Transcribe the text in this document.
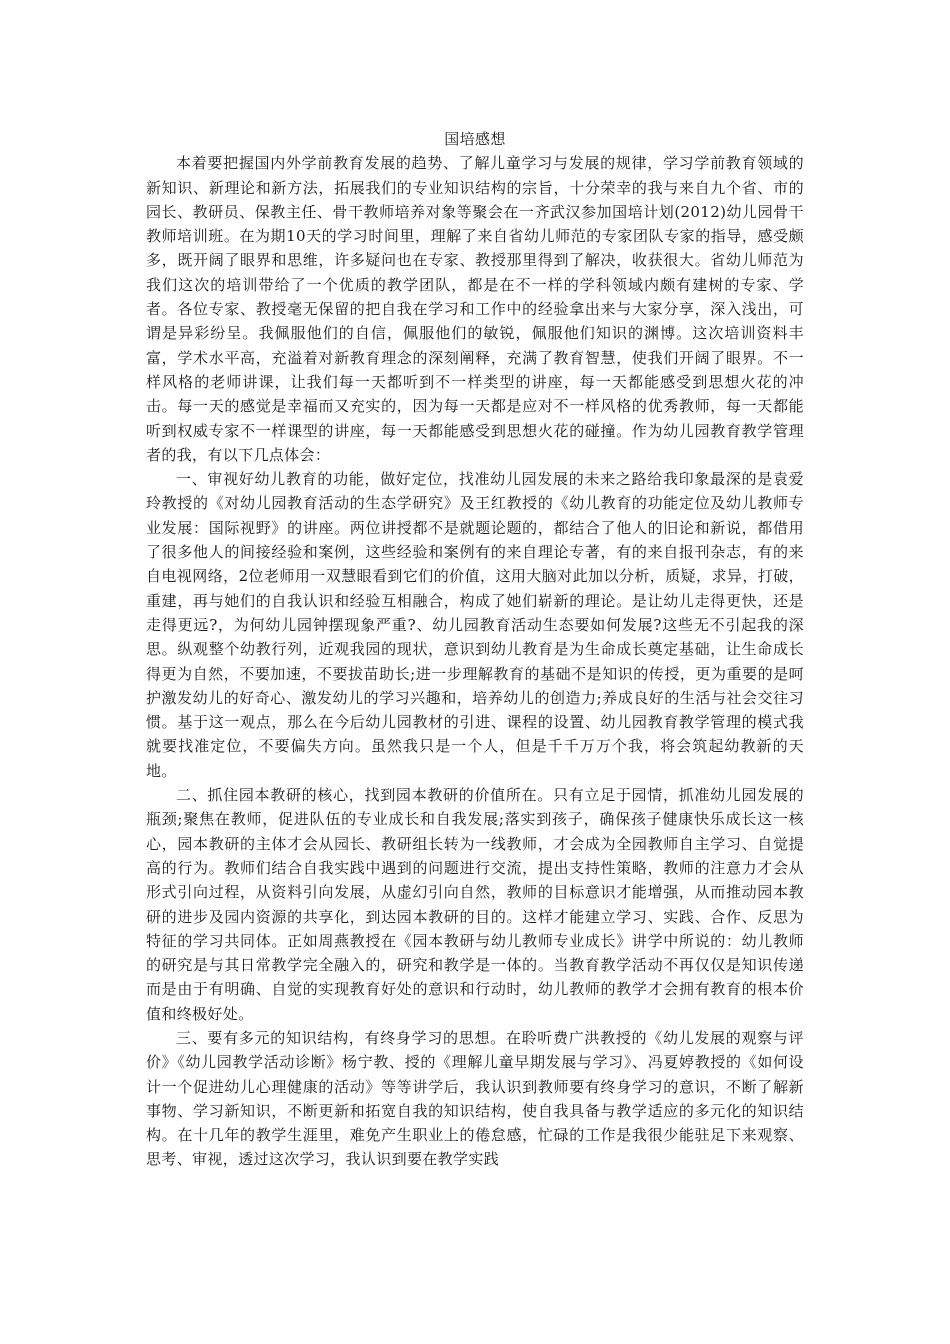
国培感想

本着要把握国内外学前教育发展的趋势、了解儿童学习与发展的规律，学习学前教育领域的新知识、新理论和新方法，拓展我们的专业知识结构的宗旨，十分荣幸的我与来自九个省、市的园长、教研员、保教主任、骨干教师培养对象等聚会在一齐武汉参加国培计划(2012)幼儿园骨干教师培训班。在为期10天的学习时间里，理解了来自省幼儿师范的专家团队专家的指导，感受颇多，既开阔了眼界和思维，许多疑问也在专家、教授那里得到了解决，收获很大。省幼儿师范为我们这次的培训带给了一个优质的教学团队，都是在不一样的学科领域内颇有建树的专家、学者。各位专家、教授毫无保留的把自我在学习和工作中的经验拿出来与大家分享，深入浅出，可谓是异彩纷呈。我佩服他们的自信，佩服他们的敏锐，佩服他们知识的渊博。这次培训资料丰富，学术水平高，充溢着对新教育理念的深刻阐释，充满了教育智慧，使我们开阔了眼界。不一样风格的老师讲课，让我们每一天都听到不一样类型的讲座，每一天都能感受到思想火花的冲击。每一天的感觉是幸福而又充实的，因为每一天都是应对不一样风格的优秀教师，每一天都能听到权威专家不一样课型的讲座，每一天都能感受到思想火花的碰撞。作为幼儿园教育教学管理者的我，有以下几点体会：

一、审视好幼儿教育的功能，做好定位，找准幼儿园发展的未来之路给我印象最深的是袁爱玲教授的《对幼儿园教育活动的生态学研究》及王红教授的《幼儿教育的功能定位及幼儿教师专业发展：国际视野》的讲座。两位讲授都不是就题论题的，都结合了他人的旧论和新说，都借用了很多他人的间接经验和案例，这些经验和案例有的来自理论专著，有的来自报刊杂志，有的来自电视网络，2位老师用一双慧眼看到它们的价值，这用大脑对此加以分析，质疑，求异，打破，重建，再与她们的自我认识和经验互相融合，构成了她们崭新的理论。是让幼儿走得更快，还是走得更远?，为何幼儿园钟摆现象严重?、幼儿园教育活动生态要如何发展?这些无不引起我的深思。纵观整个幼教行列，近观我园的现状，意识到幼儿教育是为生命成长奠定基础，让生命成长得更为自然，不要加速，不要拔苗助长;进一步理解教育的基础不是知识的传授，更为重要的是呵护激发幼儿的好奇心、激发幼儿的学习兴趣和，培养幼儿的创造力;养成良好的生活与社会交往习惯。基于这一观点，那么在今后幼儿园教材的引进、课程的设置、幼儿园教育教学管理的模式我就要找准定位，不要偏失方向。虽然我只是一个人，但是千千万万个我，将会筑起幼教新的天地。

二、抓住园本教研的核心，找到园本教研的价值所在。只有立足于园情，抓准幼儿园发展的瓶颈;聚焦在教师，促进队伍的专业成长和自我发展;落实到孩子，确保孩子健康快乐成长这一核心，园本教研的主体才会从园长、教研组长转为一线教师，才会成为全园教师自主学习、自觉提高的行为。教师们结合自我实践中遇到的问题进行交流，提出支持性策略，教师的注意力才会从形式引向过程，从资料引向发展，从虚幻引向自然，教师的目标意识才能增强，从而推动园本教研的进步及园内资源的共享化，到达园本教研的目的。这样才能建立学习、实践、合作、反思为特征的学习共同体。正如周燕教授在《园本教研与幼儿教师专业成长》讲学中所说的：幼儿教师的研究是与其日常教学完全融入的，研究和教学是一体的。当教育教学活动不再仅仅是知识传递而是由于有明确、自觉的实现教育好处的意识和行动时，幼儿教师的教学才会拥有教育的根本价值和终极好处。

三、要有多元的知识结构，有终身学习的思想。在聆听费广洪教授的《幼儿发展的观察与评价》《幼儿园教学活动诊断》杨宁教、授的《理解儿童早期发展与学习》、冯夏婷教授的《如何设计一个促进幼儿心理健康的活动》等等讲学后，我认识到教师要有终身学习的意识，不断了解新事物、学习新知识，不断更新和拓宽自我的知识结构，使自我具备与教学适应的多元化的知识结构。在十几年的教学生涯里，难免产生职业上的倦怠感，忙碌的工作是我很少能驻足下来观察、思考、审视，透过这次学习，我认识到要在教学实践
